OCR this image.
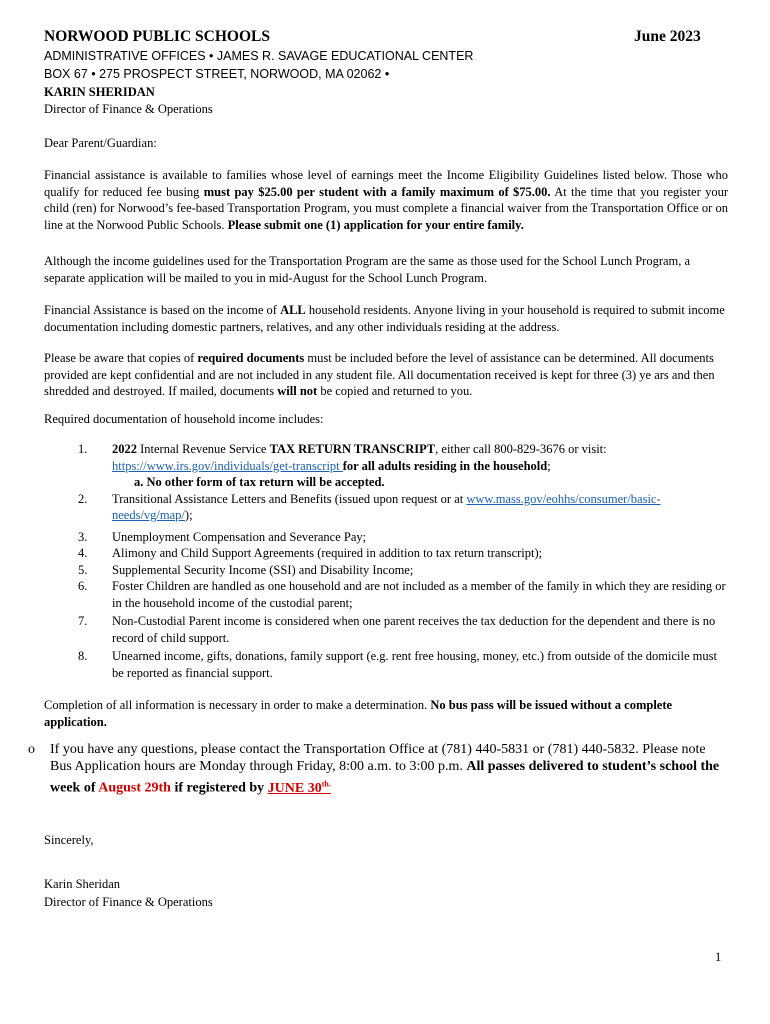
NORWOOD PUBLIC SCHOOLS	June 2023
ADMINISTRATIVE OFFICES • JAMES R. SAVAGE EDUCATIONAL CENTER
BOX 67 • 275 PROSPECT STREET, NORWOOD, MA 02062 •
KARIN SHERIDAN
Director of Finance & Operations
Dear Parent/Guardian:
Financial assistance is available to families whose level of earnings meet the Income Eligibility Guidelines listed below. Those who qualify for reduced fee busing must pay $25.00 per student with a family maximum of $75.00. At the time that you register your child (ren) for Norwood’s fee-based Transportation Program, you must complete a financial waiver from the Transportation Office or on line at the Norwood Public Schools. Please submit one (1) application for your entire family.
Although the income guidelines used for the Transportation Program are the same as those used for the School Lunch Program, a separate application will be mailed to you in mid-August for the School Lunch Program.
Financial Assistance is based on the income of ALL household residents. Anyone living in your household is required to submit income documentation including domestic partners, relatives, and any other individuals residing at the address.
Please be aware that copies of required documents must be included before the level of assistance can be determined. All documents provided are kept confidential and are not included in any student file. All documentation received is kept for three (3) ye ars and then shredded and destroyed. If mailed, documents will not be copied and returned to you.
Required documentation of household income includes:
1. 2022 Internal Revenue Service TAX RETURN TRANSCRIPT, either call 800-829-3676 or visit:
https://www.irs.gov/individuals/get-transcript for all adults residing in the household;
a. No other form of tax return will be accepted.
2. Transitional Assistance Letters and Benefits (issued upon request or at www.mass.gov/eohhs/consumer/basic-needs/vg/map/);
3. Unemployment Compensation and Severance Pay;
4. Alimony and Child Support Agreements (required in addition to tax return transcript);
5. Supplemental Security Income (SSI) and Disability Income;
6. Foster Children are handled as one household and are not included as a member of the family in which they are residing or in the household income of the custodial parent;
7. Non-Custodial Parent income is considered when one parent receives the tax deduction for the dependent and there is no record of child support.
8. Unearned income, gifts, donations, family support (e.g. rent free housing, money, etc.) from outside of the domicile must be reported as financial support.
Completion of all information is necessary in order to make a determination. No bus pass will be issued without a complete application.
o If you have any questions, please contact the Transportation Office at (781) 440-5831 or (781) 440-5832. Please note Bus Application hours are Monday through Friday, 8:00 a.m. to 3:00 p.m. All passes delivered to student’s school the week of August 29th if registered by JUNE $30^{th.}$
Sincerely,
Karin Sheridan
Director of Finance & Operations
1
